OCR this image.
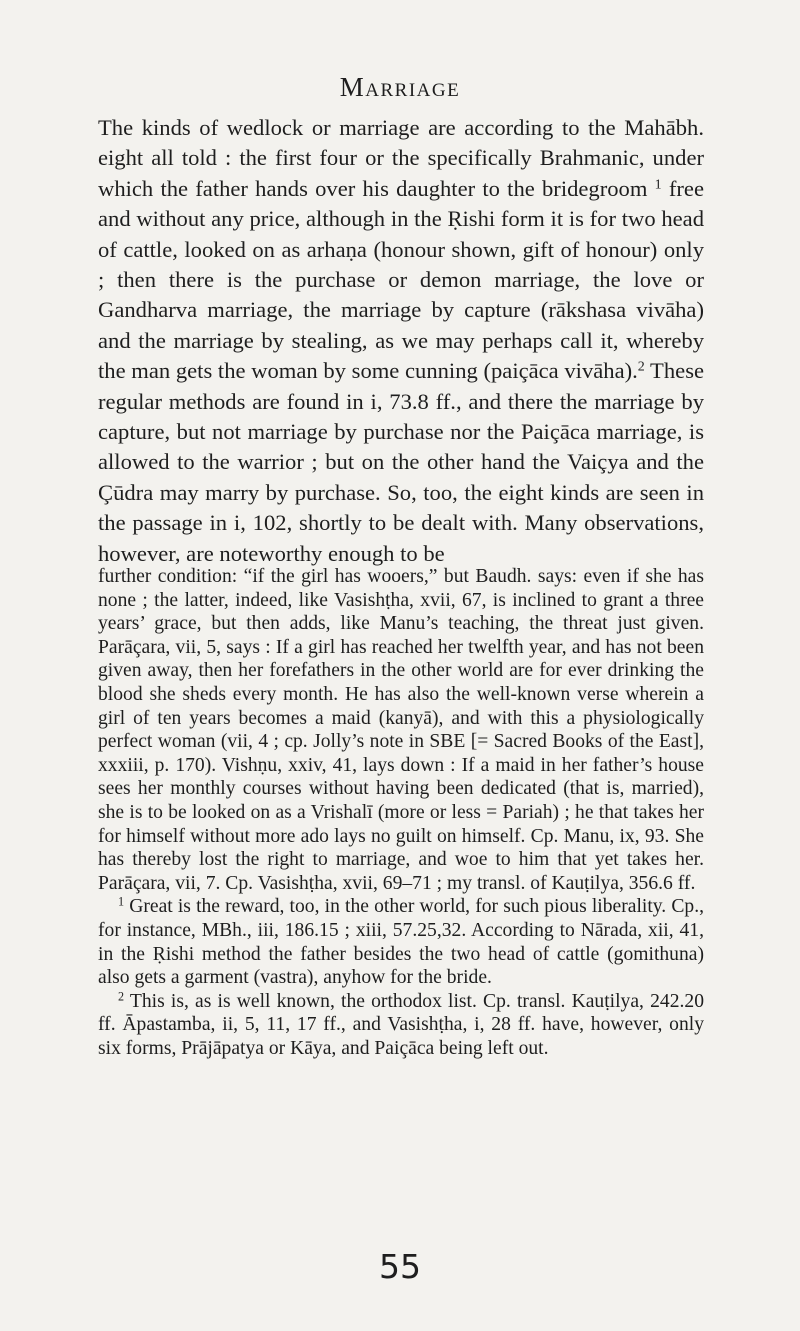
Marriage

The kinds of wedlock or marriage are according to the Mahābh. eight all told : the first four or the specifically Brahmanic, under which the father hands over his daughter to the bridegroom $^1$ free and without any price, although in the Ṛishi form it is for two head of cattle, looked on as arhaṇa (honour shown, gift of honour) only ; then there is the purchase or demon marriage, the love or Gandharva marriage, the marriage by capture (rākshasa vivāha) and the marriage by stealing, as we may perhaps call it, whereby the man gets the woman by some cunning (paiçāca vivāha).$^2$ These regular methods are found in i, 73.8 ff., and there the marriage by capture, but not marriage by purchase nor the Paiçāca marriage, is allowed to the warrior ; but on the other hand the Vaiçya and the Çūdra may marry by purchase. So, too, the eight kinds are seen in the passage in i, 102, shortly to be dealt with. Many observations, however, are noteworthy enough to be

further condition: “if the girl has wooers,” but Baudh. says: even if she has none ; the latter, indeed, like Vasishṭha, xvii, 67, is inclined to grant a three years’ grace, but then adds, like Manu’s teaching, the threat just given. Parāçara, vii, 5, says : If a girl has reached her twelfth year, and has not been given away, then her forefathers in the other world are for ever drinking the blood she sheds every month. He has also the well-known verse wherein a girl of ten years becomes a maid (kanyā), and with this a physiologically perfect woman (vii, 4 ; cp. Jolly’s note in SBE [= Sacred Books of the East], xxxiii, p. 170). Vishṇu, xxiv, 41, lays down : If a maid in her father’s house sees her monthly courses without having been dedicated (that is, married), she is to be looked on as a Vrishalī (more or less = Pariah) ; he that takes her for himself without more ado lays no guilt on himself. Cp. Manu, ix, 93. She has thereby lost the right to marriage, and woe to him that yet takes her. Parāçara, vii, 7. Cp. Vasishṭha, xvii, 69–71 ; my transl. of Kauṭilya, 356.6 ff.

$^1$ Great is the reward, too, in the other world, for such pious liberality. Cp., for instance, MBh., iii, 186.15 ; xiii, 57.25,32. According to Nārada, xii, 41, in the Ṛishi method the father besides the two head of cattle (gomithuna) also gets a garment (vastra), anyhow for the bride.

$^2$ This is, as is well known, the orthodox list. Cp. transl. Kauṭilya, 242.20 ff. Āpastamba, ii, 5, 11, 17 ff., and Vasishṭha, i, 28 ff. have, however, only six forms, Prājāpatya or Kāya, and Paiçāca being left out.

55
